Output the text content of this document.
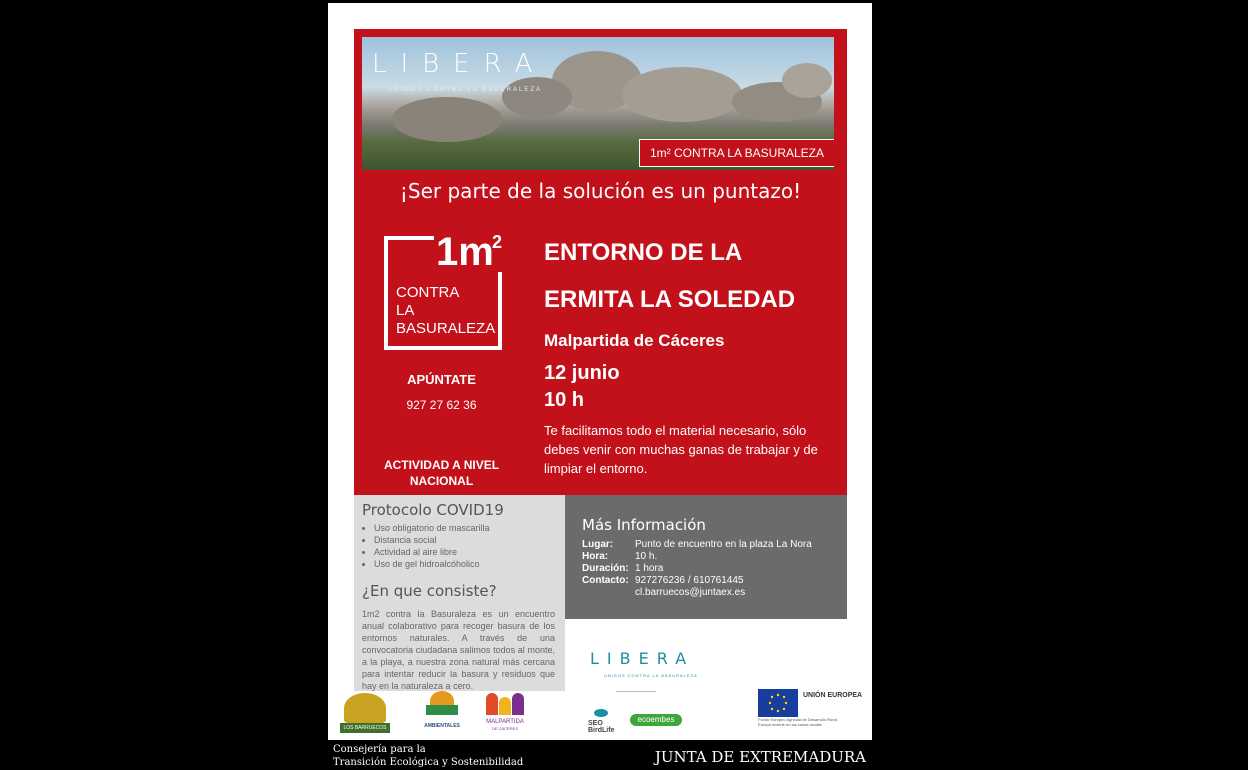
LIBERA
UNIDOS CONTRA LA BASURALEZA
1m² CONTRA LA BASURALEZA
¡Ser parte de la solución es un puntazo!
1m
2
CONTRA
LA
BASURALEZA
APÚNTATE
927 27 62 36
ACTIVIDAD A NIVEL
NACIONAL
ENTORNO DE LA
ERMITA LA SOLEDAD
Malpartida de Cáceres
12 junio
10 h
Te facilitamos todo el material necesario, sólo debes venir con muchas ganas de trabajar y de limpiar el entorno.
Protocolo COVID19
• Uso obligatorio de mascarilla
• Distancia social
• Actividad al aire libre
• Uso de gel hidroalcóholico
¿En que consiste?
1m2 contra la Basuraleza es un encuentro anual colaborativo para recoger basura de los entornos naturales. A través de una convocatoria ciudadana salimos todos al monte, a la playa, a nuestra zona natural más cercana para intentar reducir la basura y residuos que hay en la naturaleza a cero.
Más Información
Lugar:	Punto de encuentro en la plaza La Nora
Hora:	10 h.
Duración: 1 hora
Contacto: 927276236 / 610761445
cl.barruecos@juntaex.es
LIBERA
UNIDOS CONTRA LA BASURALEZA
LOS BARRUECOS	AMBIENTALES
MALPARTIDA
DE CÁCERES
SEO BirdLife
ecoembes
UNIÓN EUROPEA
Fondo Europeo Agrícola de Desarrollo Rural. Europa invierte en las zonas rurales
Consejería para la
Transición Ecológica y Sostenibilidad	JUNTA DE EXTREMADURA
